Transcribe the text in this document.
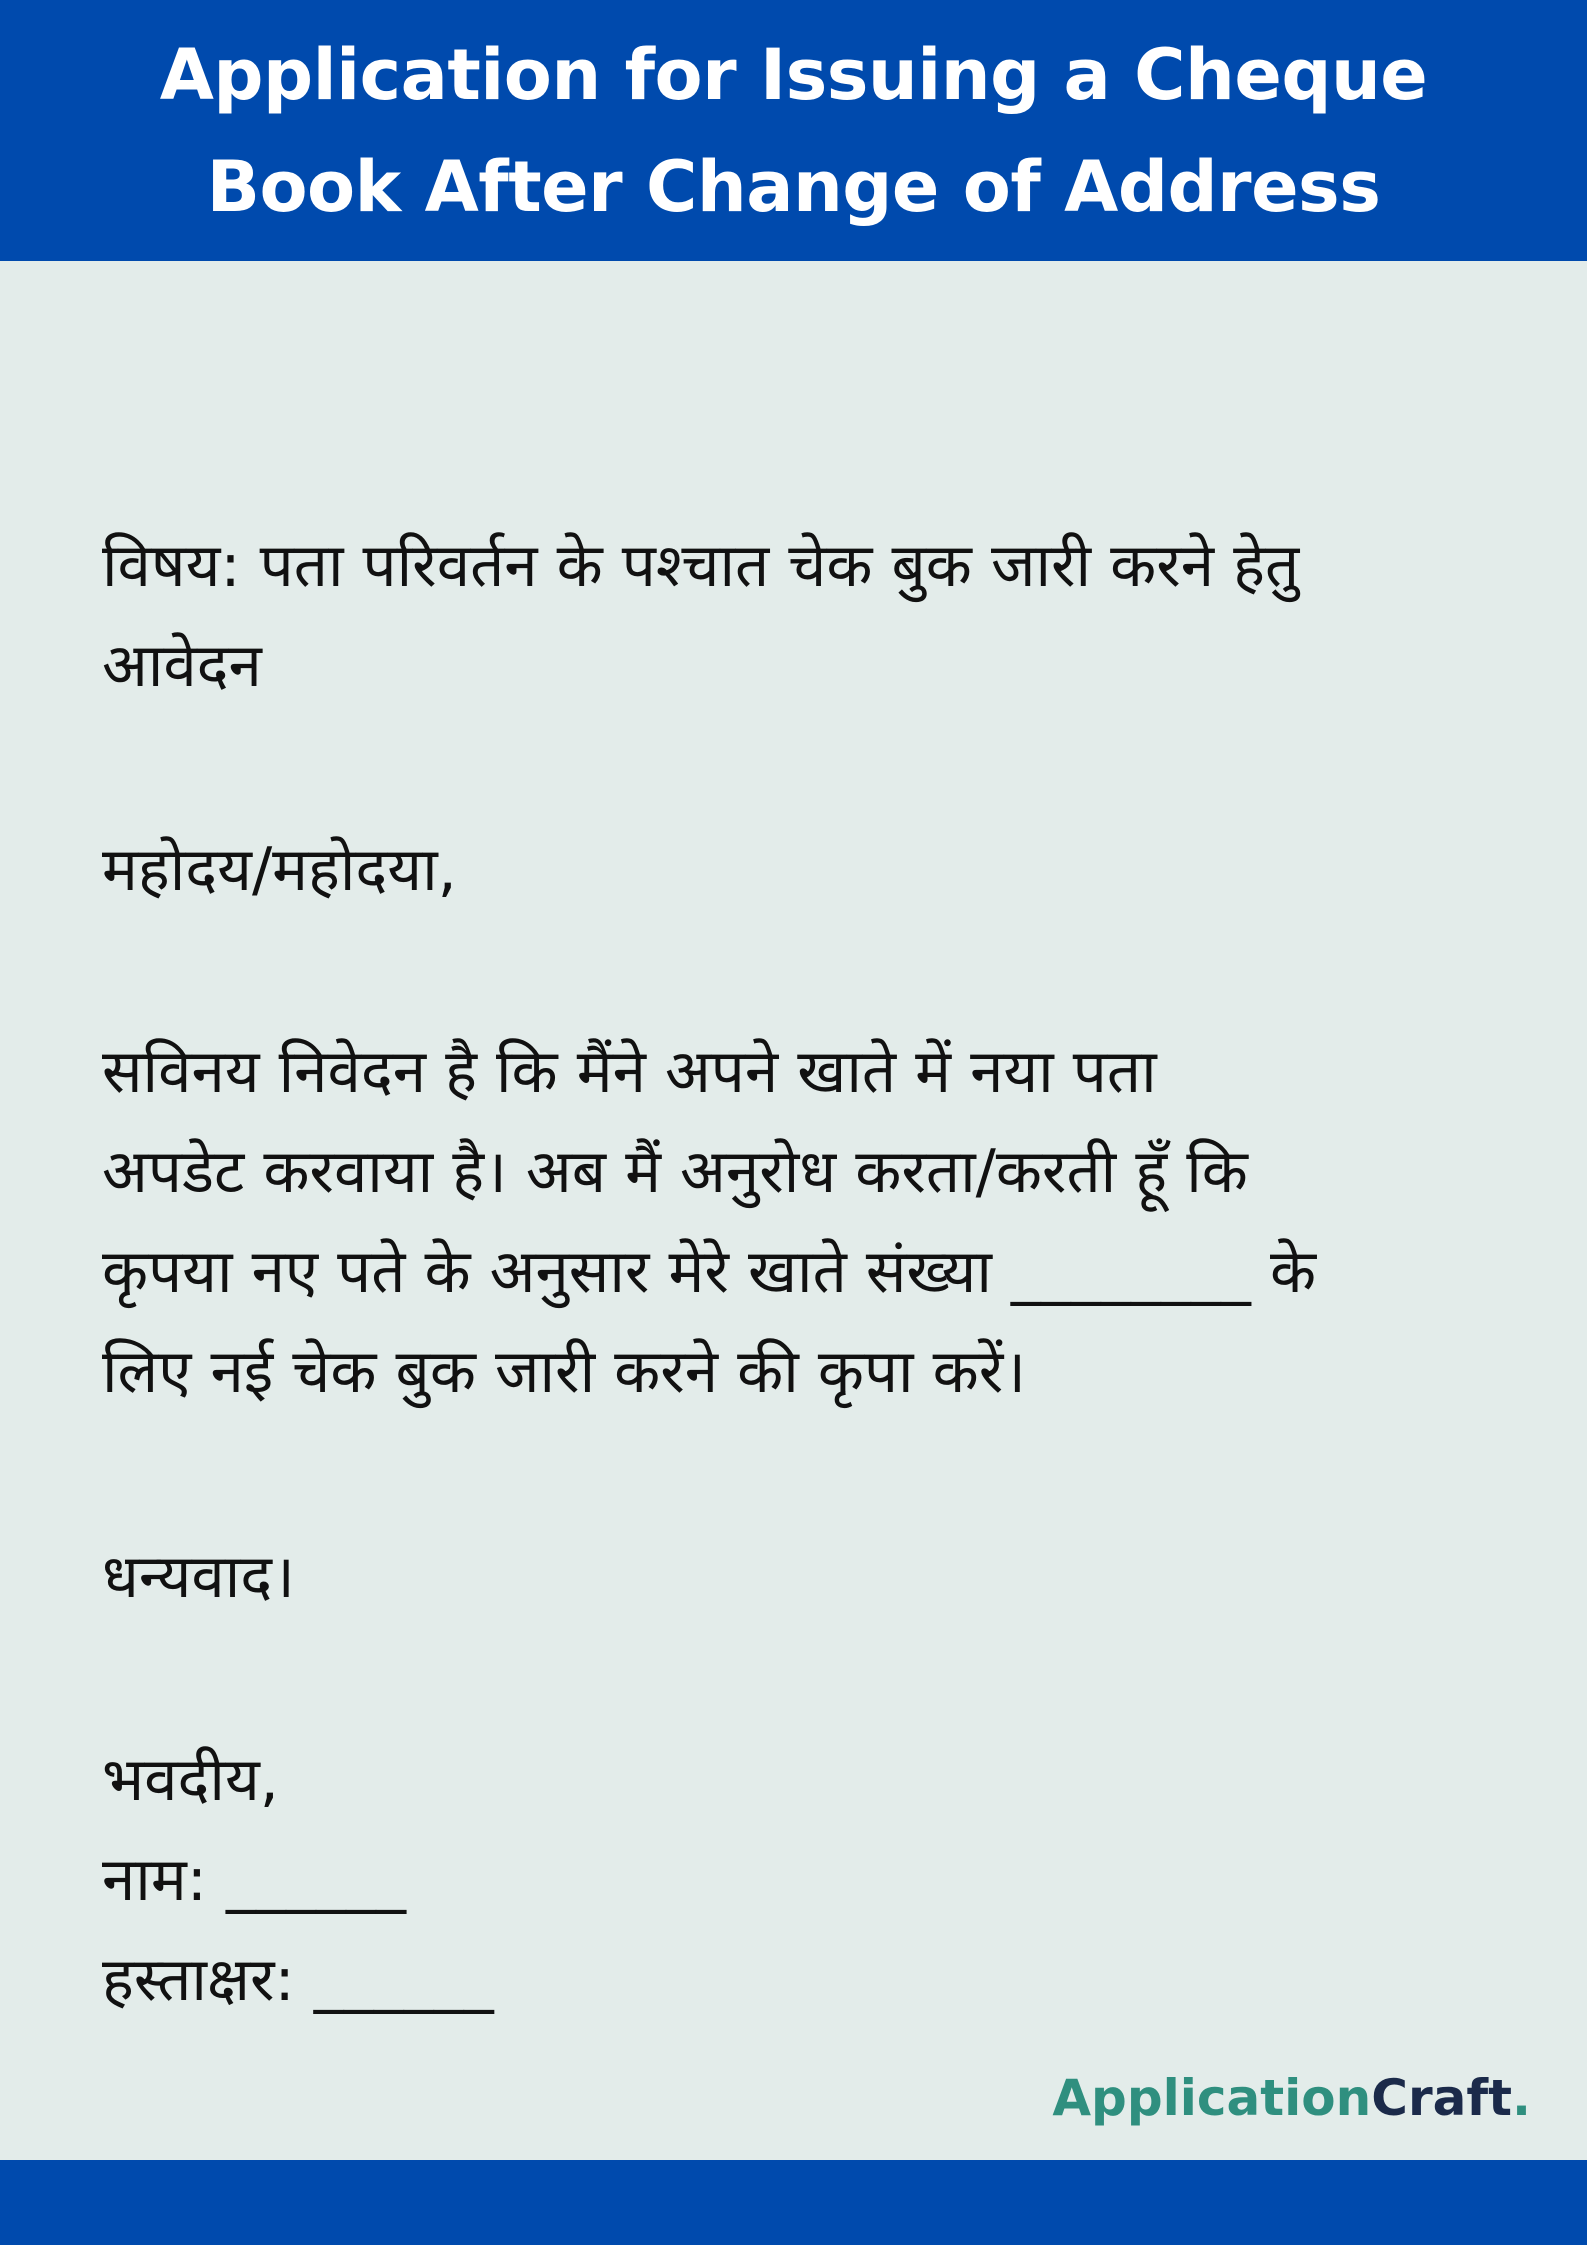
Application for Issuing a Cheque
Book After Change of Address

विषय: पता परिवर्तन के पश्चात चेक बुक जारी करने हेतु

आवेदन

महोदय/महोदया,

सविनय निवेदन है कि मैंने अपने खाते में नया पता

अपडेट करवाया है। अब मैं अनुरोध करता/करती हूँ कि

कृपया नए पते के अनुसार मेरे खाते संख्या ________ के

लिए नई चेक बुक जारी करने की कृपा करें।

धन्यवाद।

भवदीय,

नाम: ______

हस्ताक्षर: ______

ApplicationCraft.
